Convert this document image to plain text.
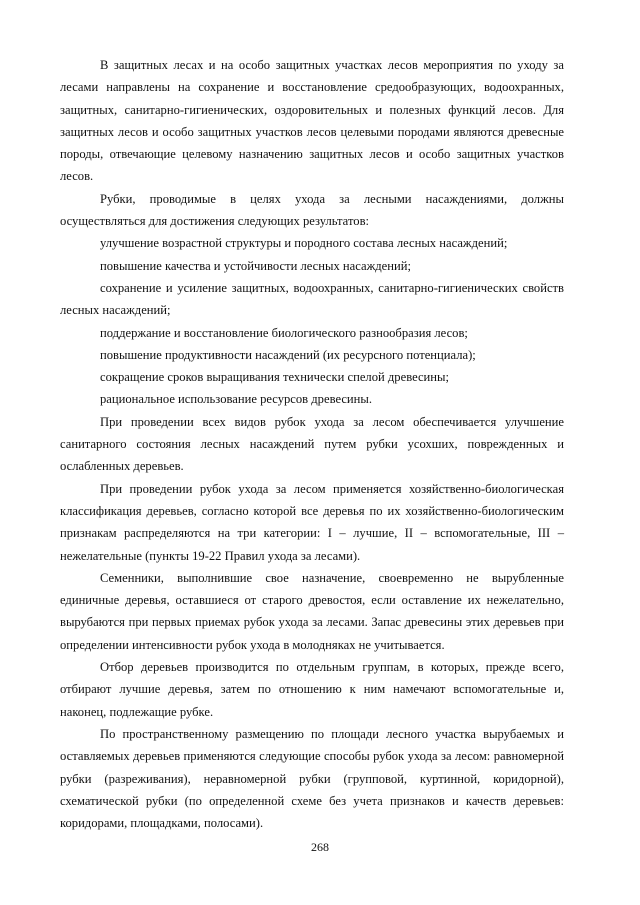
В защитных лесах и на особо защитных участках лесов мероприятия по уходу за лесами направлены на сохранение и восстановление средообразующих, водоохранных, защитных, санитарно-гигиенических, оздоровительных и полезных функций лесов. Для защитных лесов и особо защитных участков лесов целевыми породами являются древесные породы, отвечающие целевому назначению защитных лесов и особо защитных участков лесов.

Рубки, проводимые в целях ухода за лесными насаждениями, должны осуществляться для достижения следующих результатов:

улучшение возрастной структуры и породного состава лесных насаждений;

повышение качества и устойчивости лесных насаждений;

сохранение и усиление защитных, водоохранных, санитарно-гигиенических свойств лесных насаждений;

поддержание и восстановление биологического разнообразия лесов;

повышение продуктивности насаждений (их ресурсного потенциала);

сокращение сроков выращивания технически спелой древесины;

рациональное использование ресурсов древесины.

При проведении всех видов рубок ухода за лесом обеспечивается улучшение санитарного состояния лесных насаждений путем рубки усохших, поврежденных и ослабленных деревьев.

При проведении рубок ухода за лесом применяется хозяйственно-биологическая классификация деревьев, согласно которой все деревья по их хозяйственно-биологическим признакам распределяются на три категории: I – лучшие, II – вспомогательные, III – нежелательные (пункты 19-22 Правил ухода за лесами).

Семенники, выполнившие свое назначение, своевременно не вырубленные единичные деревья, оставшиеся от старого древостоя, если оставление их нежелательно, вырубаются при первых приемах рубок ухода за лесами. Запас древесины этих деревьев при определении интенсивности рубок ухода в молодняках не учитывается.

Отбор деревьев производится по отдельным группам, в которых, прежде всего, отбирают лучшие деревья, затем по отношению к ним намечают вспомогательные и, наконец, подлежащие рубке.

По пространственному размещению по площади лесного участка вырубаемых и оставляемых деревьев применяются следующие способы рубок ухода за лесом: равномерной рубки (разреживания), неравномерной рубки (групповой, куртинной, коридорной), схематической рубки (по определенной схеме без учета признаков и качеств деревьев: коридорами, площадками, полосами).

268
